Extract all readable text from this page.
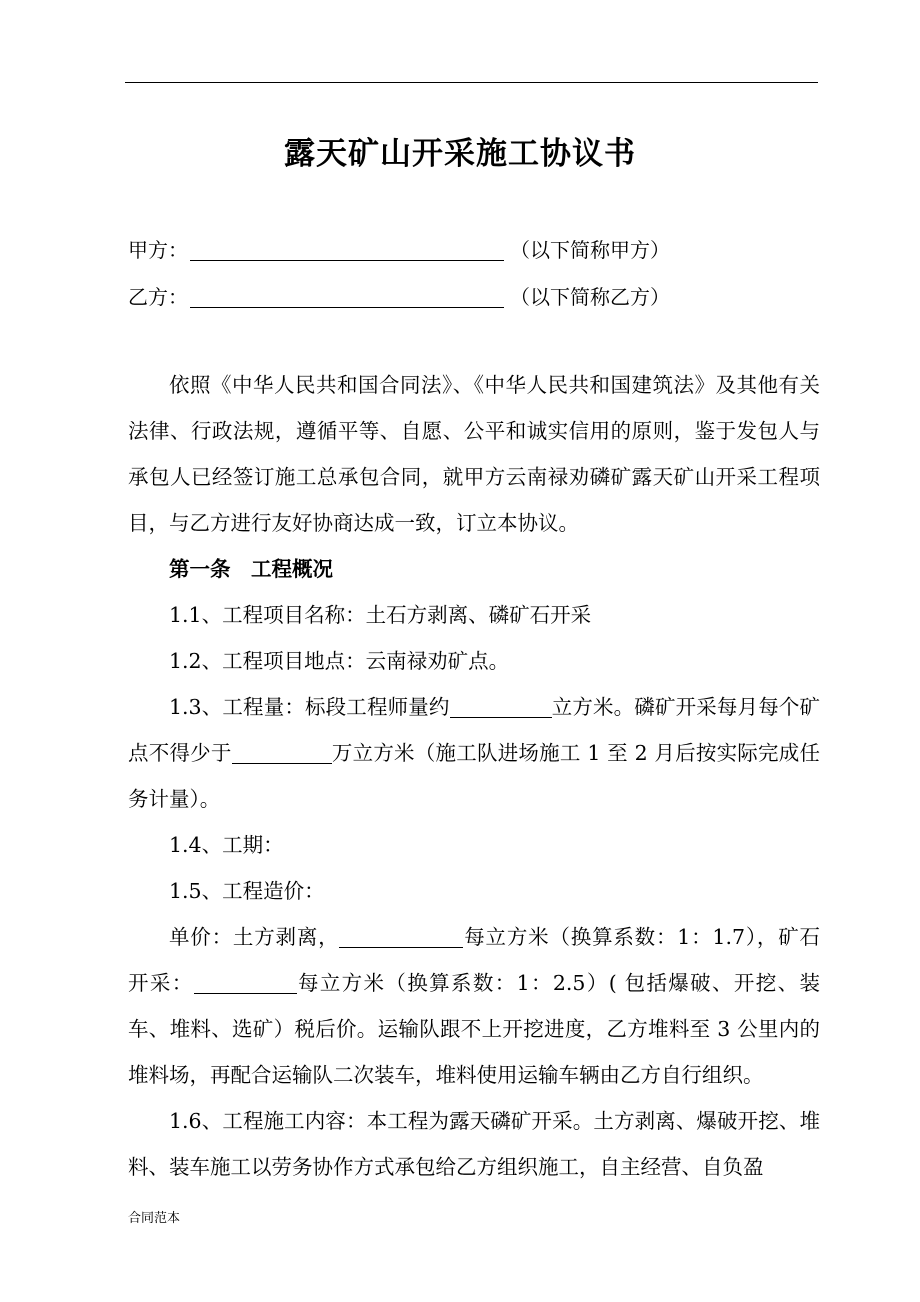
露天矿山开采施工协议书
甲方：	（以下简称甲方）
乙方：	（以下简称乙方）

依照《中华人民共和国合同法》、《中华人民共和国建筑法》及其他有关法律、行政法规，遵循平等、自愿、公平和诚实信用的原则，鉴于发包人与承包人已经签订施工总承包合同，就甲方云南禄劝磷矿露天矿山开采工程项目，与乙方进行友好协商达成一致，订立本协议。

第一条　工程概况

1.1、工程项目名称：土石方剥离、磷矿石开采

1.2、工程项目地点：云南禄劝矿点。

1.3、工程量：标段工程师量约	立方米。磷矿开采每月每个矿点不得少于	万立方米（施工队进场施工 1 至 2 月后按实际完成任务计量）。

1.4、工期：

1.5、工程造价：

单价：土方剥离，	每立方米（换算系数：1：1.7），矿石开采：	每立方米（换算系数：1：2.5）( 包括爆破、开挖、装车、堆料、选矿）税后价。运输队跟不上开挖进度，乙方堆料至 3 公里内的堆料场，再配合运输队二次装车，堆料使用运输车辆由乙方自行组织。

1.6、工程施工内容：本工程为露天磷矿开采。土方剥离、爆破开挖、堆料、装车施工以劳务协作方式承包给乙方组织施工，自主经营、自负盈

合同范本
